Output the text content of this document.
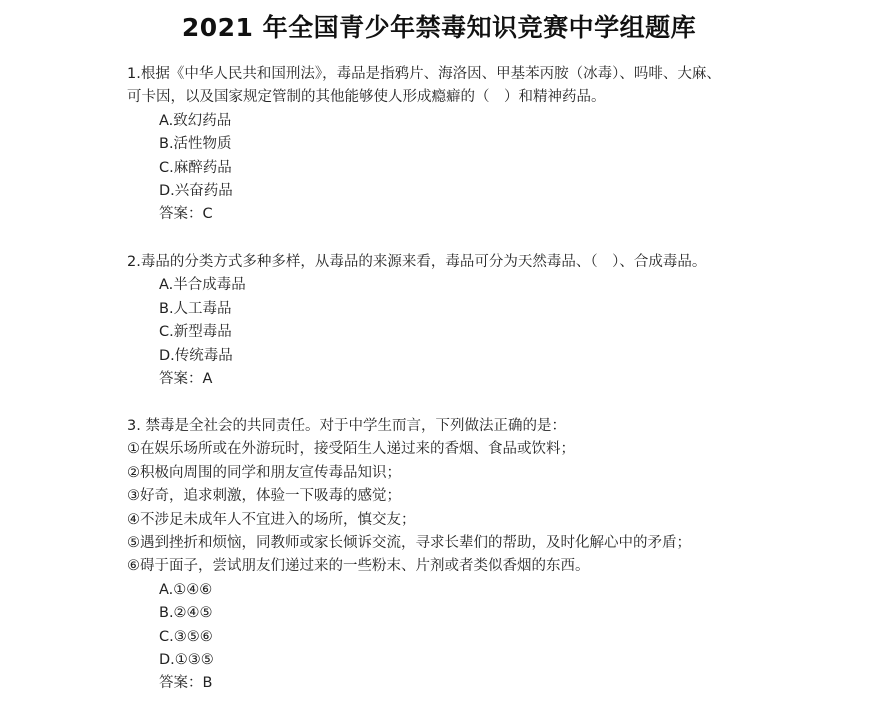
2021 年全国青少年禁毒知识竞赛中学组题库
1.根据《中华人民共和国刑法》，毒品是指鸦片、海洛因、甲基苯丙胺（冰毒）、吗啡、大麻、
可卡因，以及国家规定管制的其他能够使人形成瘾癖的（　）和精神药品。
A.致幻药品
B.活性物质
C.麻醉药品
D.兴奋药品
答案：C
2.毒品的分类方式多种多样，从毒品的来源来看，毒品可分为天然毒品、（　）、合成毒品。
A.半合成毒品
B.人工毒品
C.新型毒品
D.传统毒品
答案：A
3. 禁毒是全社会的共同责任。对于中学生而言，下列做法正确的是：
①在娱乐场所或在外游玩时，接受陌生人递过来的香烟、食品或饮料；
②积极向周围的同学和朋友宣传毒品知识；
③好奇，追求刺激，体验一下吸毒的感觉；
④不涉足未成年人不宜进入的场所，慎交友；
⑤遇到挫折和烦恼，同教师或家长倾诉交流，寻求长辈们的帮助，及时化解心中的矛盾；
⑥碍于面子，尝试朋友们递过来的一些粉末、片剂或者类似香烟的东西。
A.①④⑥
B.②④⑤
C.③⑤⑥
D.①③⑤
答案：B
